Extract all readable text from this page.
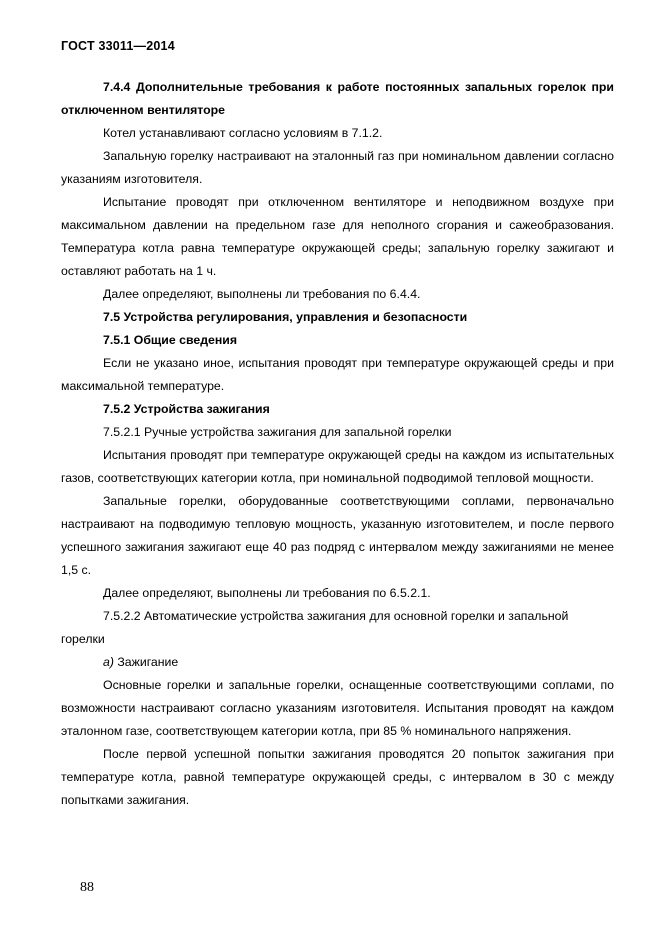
ГОСТ 33011—2014

7.4.4 Дополнительные требования к работе постоянных запальных горелок при отключенном вентиляторе

Котел устанавливают согласно условиям в 7.1.2.

Запальную горелку настраивают на эталонный газ при номинальном давлении согласно указаниям изготовителя.

Испытание проводят при отключенном вентиляторе и неподвижном воздухе при максимальном давлении на предельном газе для неполного сгорания и сажеобразования. Температура котла равна температуре окружающей среды; запальную горелку зажигают и оставляют работать на 1 ч.

Далее определяют, выполнены ли требования по 6.4.4.

7.5 Устройства регулирования, управления и безопасности

7.5.1 Общие сведения

Если не указано иное, испытания проводят при температуре окружающей среды и при максимальной температуре.

7.5.2 Устройства зажигания

7.5.2.1 Ручные устройства зажигания для запальной горелки

Испытания проводят при температуре окружающей среды на каждом из испытательных газов, соответствующих категории котла, при номинальной подводимой тепловой мощности.

Запальные горелки, оборудованные соответствующими соплами, первоначально настраивают на подводимую тепловую мощность, указанную изготовителем, и после первого успешного зажигания зажигают еще 40 раз подряд с интервалом между зажиганиями не менее 1,5 с.

Далее определяют, выполнены ли требования по 6.5.2.1.

7.5.2.2 Автоматические устройства зажигания для основной горелки и запальной горелки

а) Зажигание

Основные горелки и запальные горелки, оснащенные соответствующими соплами, по возможности настраивают согласно указаниям изготовителя. Испытания проводят на каждом эталонном газе, соответствующем категории котла, при 85 % номинального напряжения.

После первой успешной попытки зажигания проводятся 20 попыток зажигания при температуре котла, равной температуре окружающей среды, с интервалом в 30 с между попытками зажигания.

88
